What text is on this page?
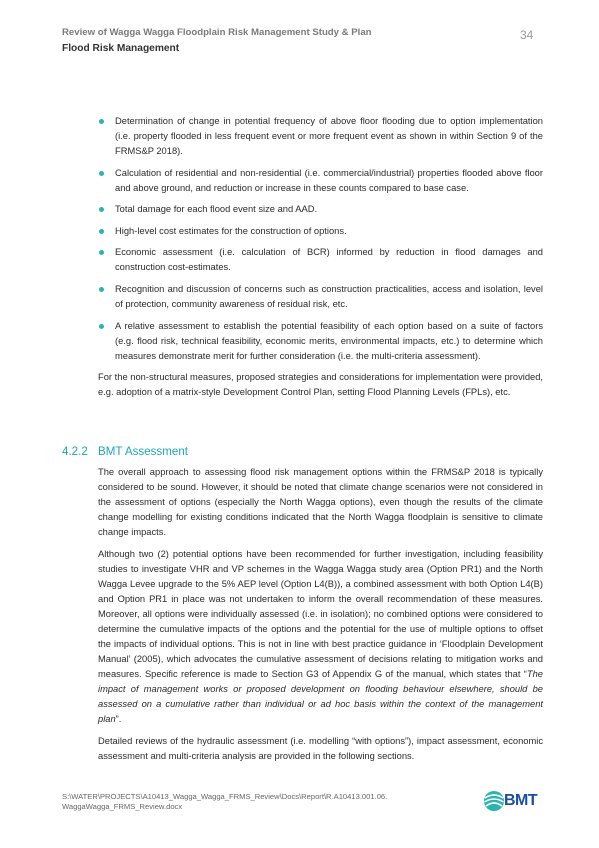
Review of Wagga Wagga Floodplain Risk Management Study & Plan
Flood Risk Management
34
Determination of change in potential frequency of above floor flooding due to option implementation (i.e. property flooded in less frequent event or more frequent event as shown in within Section 9 of the FRMS&P 2018).
Calculation of residential and non-residential (i.e. commercial/industrial) properties flooded above floor and above ground, and reduction or increase in these counts compared to base case.
Total damage for each flood event size and AAD.
High-level cost estimates for the construction of options.
Economic assessment (i.e. calculation of BCR) informed by reduction in flood damages and construction cost-estimates.
Recognition and discussion of concerns such as construction practicalities, access and isolation, level of protection, community awareness of residual risk, etc.
A relative assessment to establish the potential feasibility of each option based on a suite of factors (e.g. flood risk, technical feasibility, economic merits, environmental impacts, etc.) to determine which measures demonstrate merit for further consideration (i.e. the multi-criteria assessment).

For the non-structural measures, proposed strategies and considerations for implementation were provided, e.g. adoption of a matrix-style Development Control Plan, setting Flood Planning Levels (FPLs), etc.

4.2.2 BMT Assessment

The overall approach to assessing flood risk management options within the FRMS&P 2018 is typically considered to be sound. However, it should be noted that climate change scenarios were not considered in the assessment of options (especially the North Wagga options), even though the results of the climate change modelling for existing conditions indicated that the North Wagga floodplain is sensitive to climate change impacts.

Although two (2) potential options have been recommended for further investigation, including feasibility studies to investigate VHR and VP schemes in the Wagga Wagga study area (Option PR1) and the North Wagga Levee upgrade to the 5% AEP level (Option L4(B)), a combined assessment with both Option L4(B) and Option PR1 in place was not undertaken to inform the overall recommendation of these measures. Moreover, all options were individually assessed (i.e. in isolation); no combined options were considered to determine the cumulative impacts of the options and the potential for the use of multiple options to offset the impacts of individual options. This is not in line with best practice guidance in ‘Floodplain Development Manual’ (2005), which advocates the cumulative assessment of decisions relating to mitigation works and measures. Specific reference is made to Section G3 of Appendix G of the manual, which states that “The impact of management works or proposed development on flooding behaviour elsewhere, should be assessed on a cumulative rather than individual or ad hoc basis within the context of the management plan”.

Detailed reviews of the hydraulic assessment (i.e. modelling “with options”), impact assessment, economic assessment and multi-criteria analysis are provided in the following sections.

S:\WATER\PROJECTS\A10413_Wagga_Wagga_FRMS_Review\Docs\Report\R.A10413.001.06.
WaggaWagga_FRMS_Review.docx	BMT
